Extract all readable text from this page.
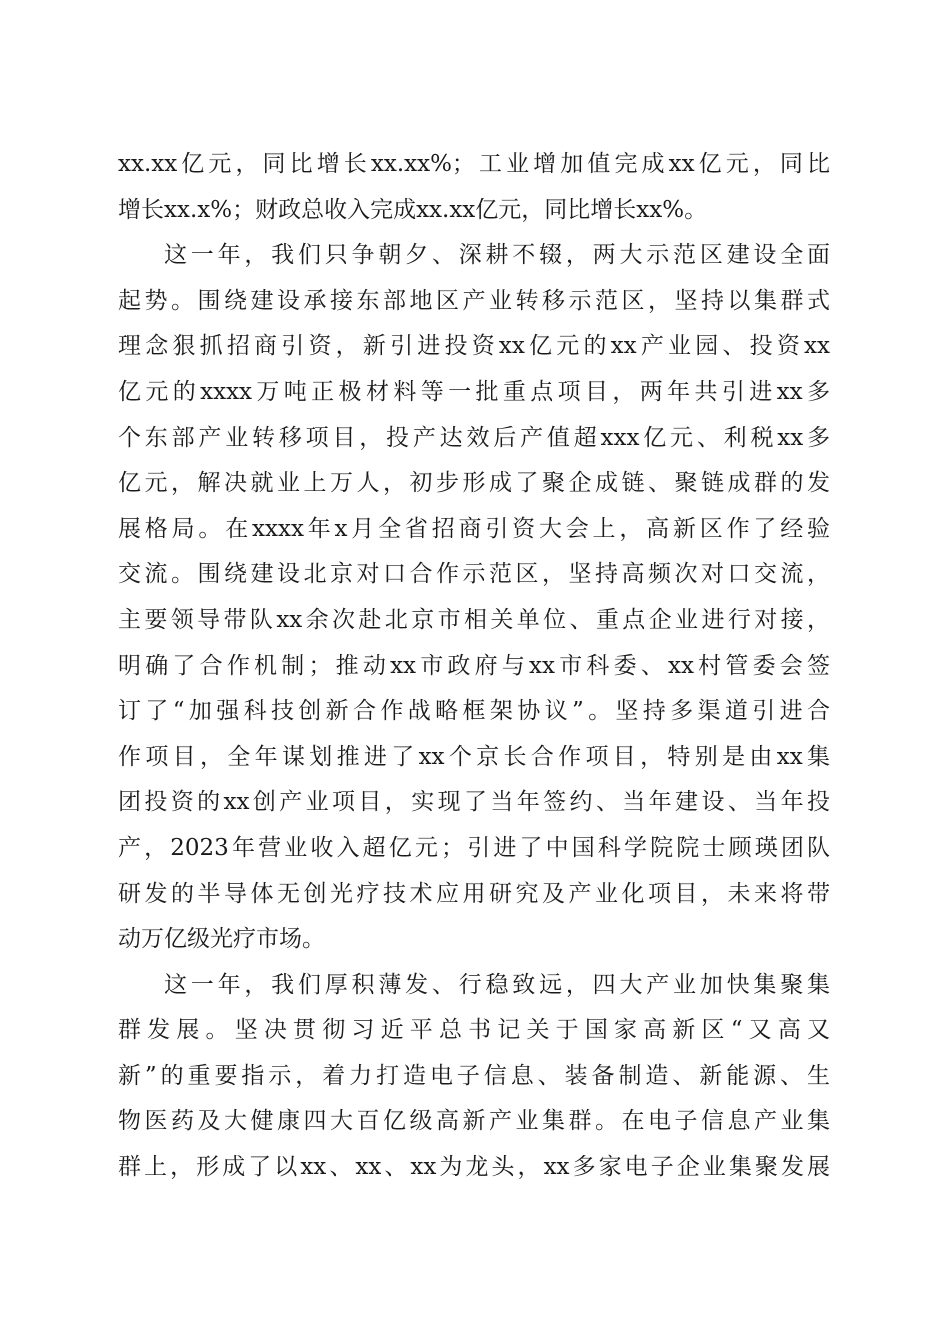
xx.xx亿元，同比增长xx.xx%；工业增加值完成xx亿元，同比
增长xx.x%；财政总收入完成xx.xx亿元，同比增长xx%。
这一年，我们只争朝夕、深耕不辍，两大示范区建设全面
起势。围绕建设承接东部地区产业转移示范区，坚持以集群式
理念狠抓招商引资，新引进投资xx亿元的xx产业园、投资xx
亿元的xxxx万吨正极材料等一批重点项目，两年共引进xx多
个东部产业转移项目，投产达效后产值超xxx亿元、利税xx多
亿元，解决就业上万人，初步形成了聚企成链、聚链成群的发
展格局。在xxxx年x月全省招商引资大会上，高新区作了经验
交流。围绕建设北京对口合作示范区，坚持高频次对口交流，
主要领导带队xx余次赴北京市相关单位、重点企业进行对接，
明确了合作机制；推动xx市政府与xx市科委、xx村管委会签
订了“加强科技创新合作战略框架协议”。坚持多渠道引进合
作项目，全年谋划推进了xx个京长合作项目，特别是由xx集
团投资的xx创产业项目，实现了当年签约、当年建设、当年投
产，2023年营业收入超亿元；引进了中国科学院院士顾瑛团队
研发的半导体无创光疗技术应用研究及产业化项目，未来将带
动万亿级光疗市场。
这一年，我们厚积薄发、行稳致远，四大产业加快集聚集
群发展。坚决贯彻习近平总书记关于国家高新区“又高又
新”的重要指示，着力打造电子信息、装备制造、新能源、生
物医药及大健康四大百亿级高新产业集群。在电子信息产业集
群上，形成了以xx、xx、xx为龙头，xx多家电子企业集聚发展
